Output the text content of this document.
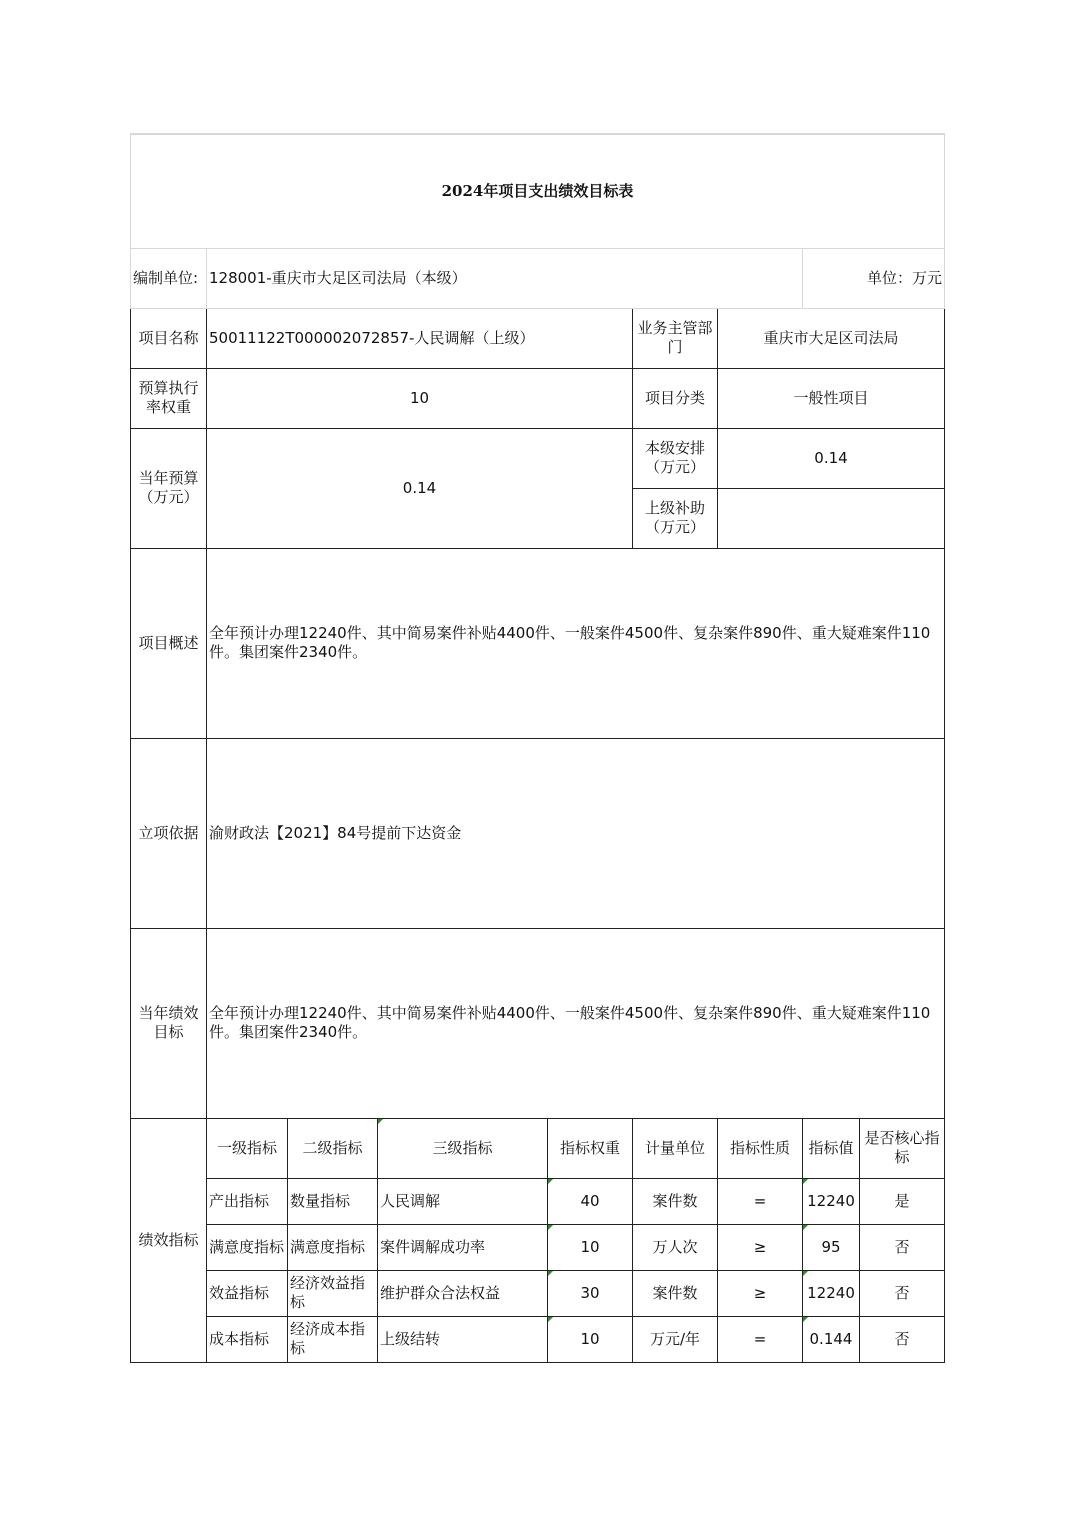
2024年项目支出绩效目标表								
编制单位:	128001-重庆市大足区司法局（本级）						单位：万元	
项目名称	50011122T000002072857-人民调解（上级）				业务主管部门	重庆市大足区司法局		
预算执行率权重	10				项目分类	一般性项目		
当年预算（万元）	0.14				本级安排（万元）	0.14		
					上级补助（万元）			
项目概述	全年预计办理12240件、其中简易案件补贴4400件、一般案件4500件、复杂案件890件、重大疑难案件110件。集团案件2340件。							
立项依据	渝财政法【2021】84号提前下达资金							
当年绩效目标	全年预计办理12240件、其中简易案件补贴4400件、一般案件4500件、复杂案件890件、重大疑难案件110件。集团案件2340件。							
绩效指标	一级指标	二级指标	三级指标	指标权重	计量单位	指标性质	指标值	是否核心指标
	产出指标	数量指标	人民调解	40	案件数	=	12240	是
	满意度指标	满意度指标	案件调解成功率	10	万人次	≥	95	否
	效益指标	经济效益指标	维护群众合法权益	30	案件数	≥	12240	否
	成本指标	经济成本指标	上级结转	10	万元/年	=	0.144	否
